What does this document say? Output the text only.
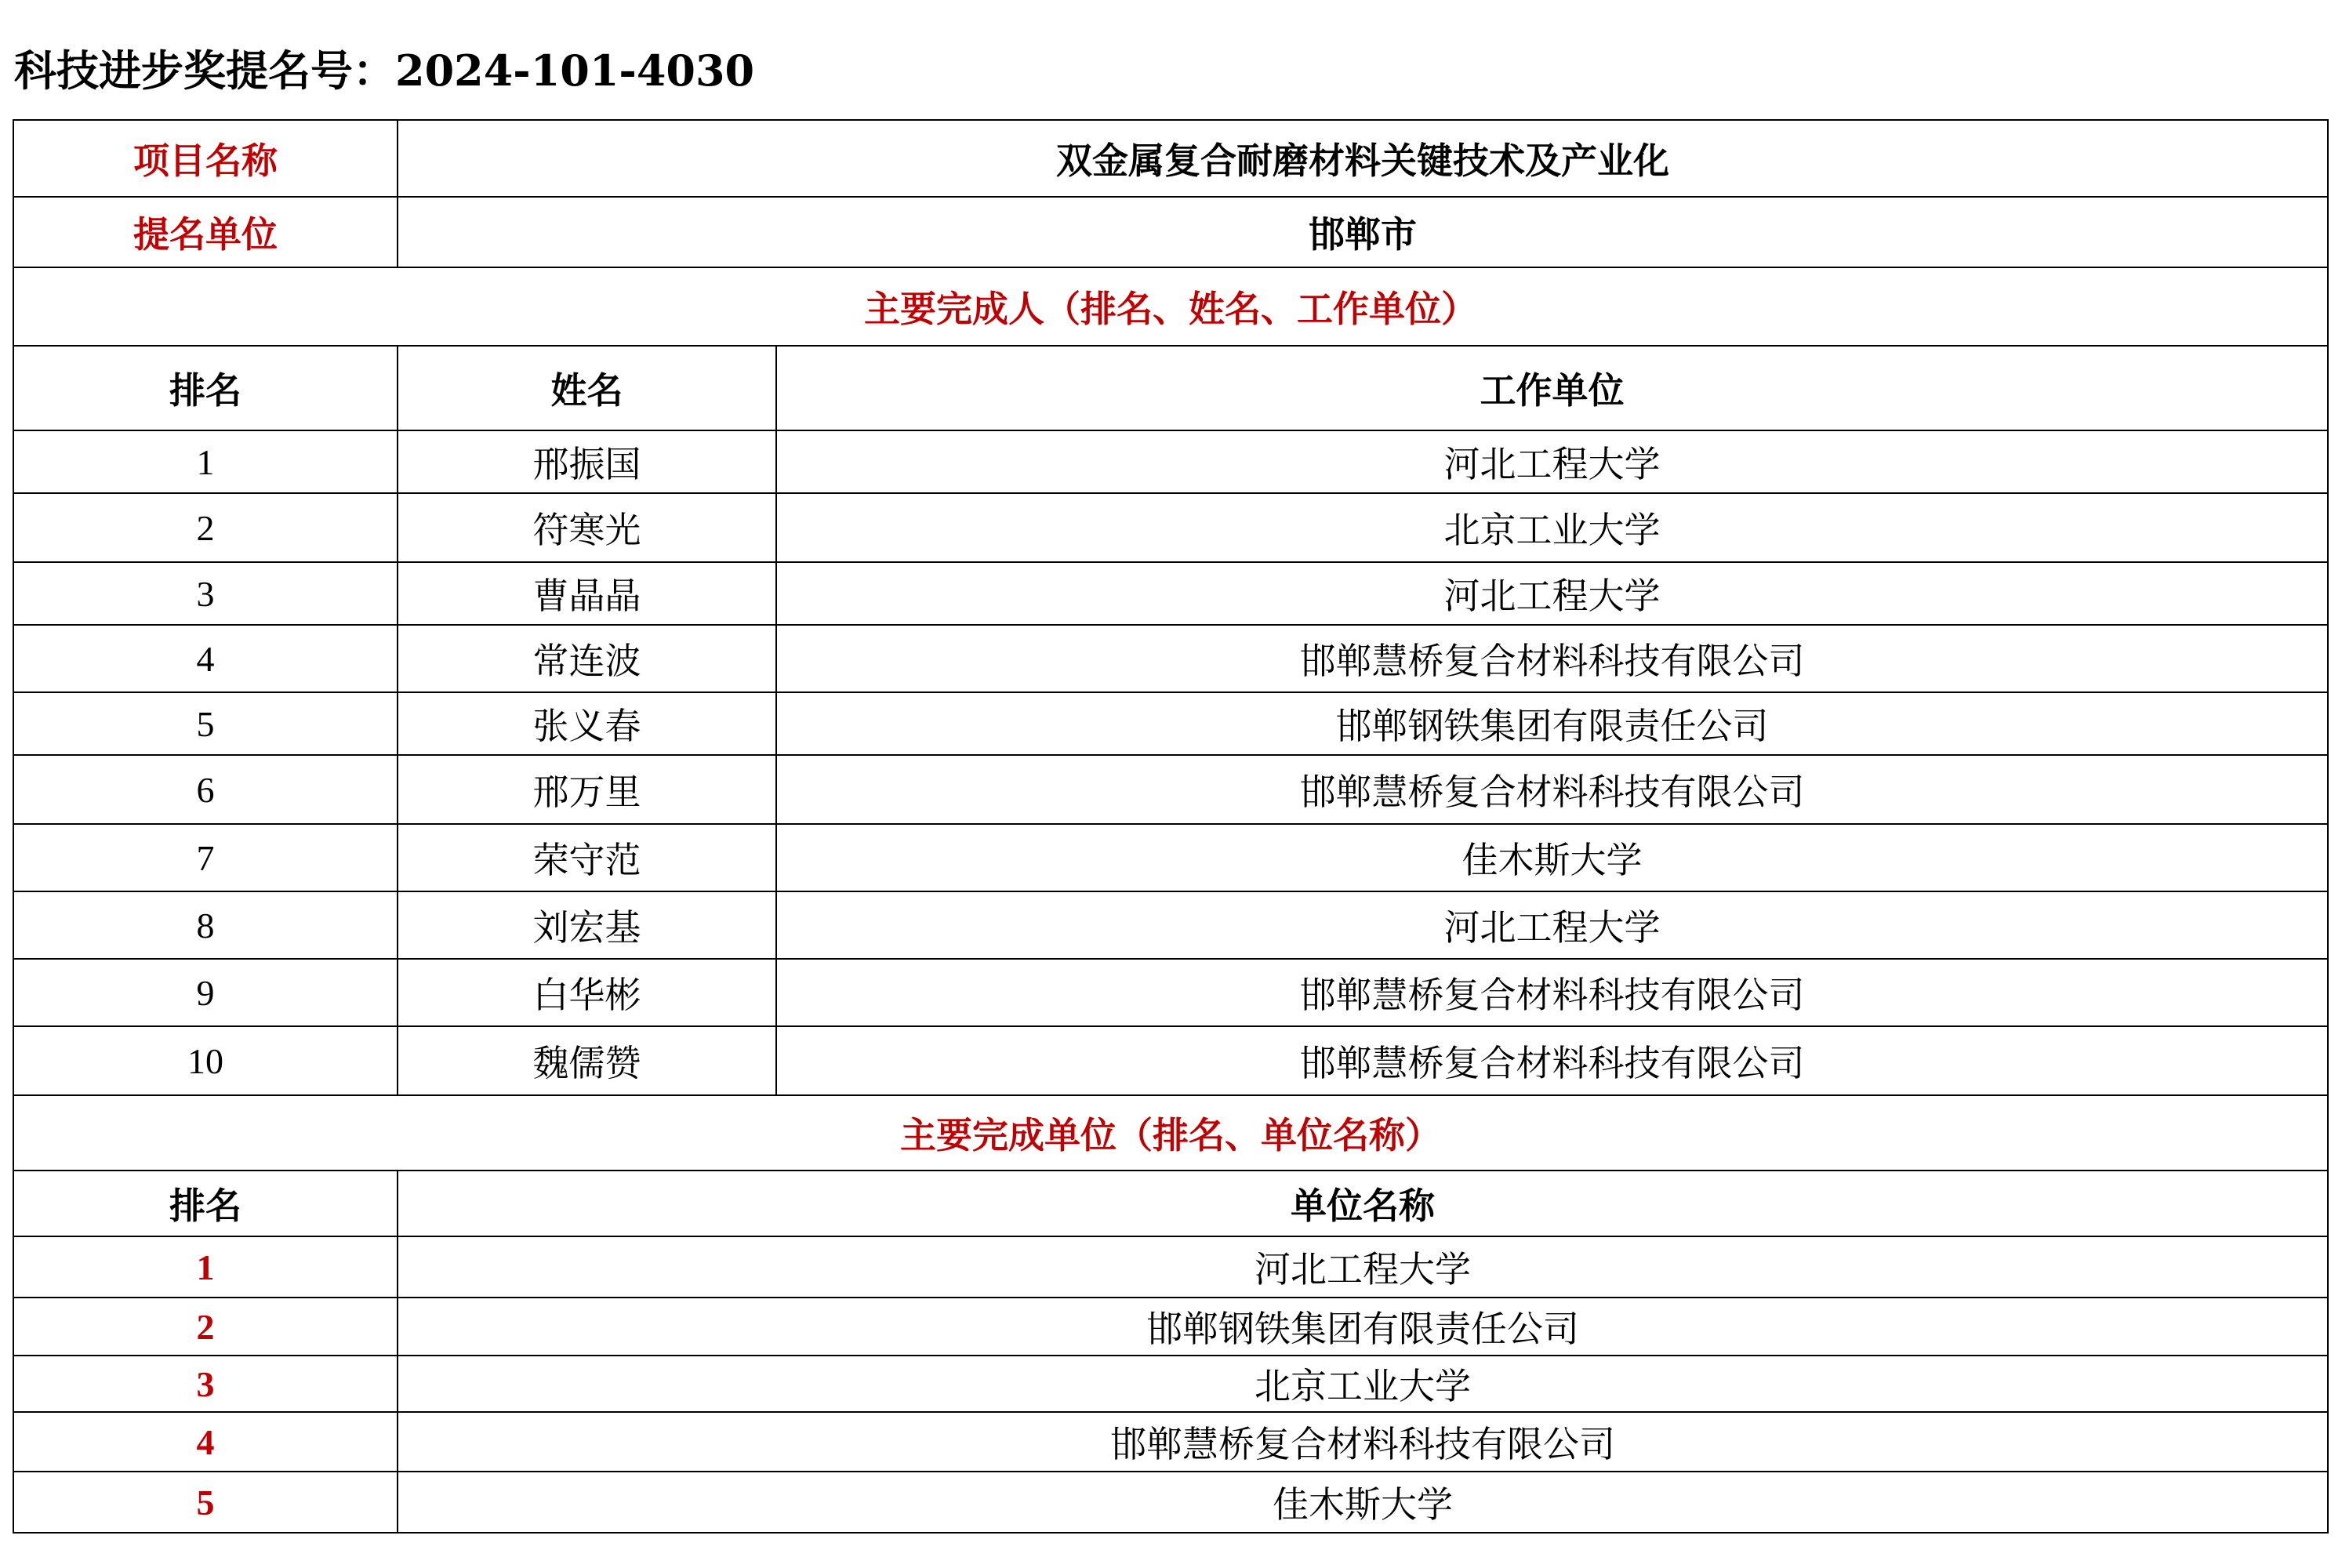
科技进步奖提名号：2024-101-4030
项目名称	双金属复合耐磨材料关键技术及产业化	
提名单位	邯郸市	
主要完成人（排名、姓名、工作单位）		
排名	姓名	工作单位
1	邢振国	河北工程大学
2	符寒光	北京工业大学
3	曹晶晶	河北工程大学
4	常连波	邯郸慧桥复合材料科技有限公司
5	张义春	邯郸钢铁集团有限责任公司
6	邢万里	邯郸慧桥复合材料科技有限公司
7	荣守范	佳木斯大学
8	刘宏基	河北工程大学
9	白华彬	邯郸慧桥复合材料科技有限公司
10	魏儒赞	邯郸慧桥复合材料科技有限公司
主要完成单位（排名、单位名称）		
排名	单位名称	
1	河北工程大学	
2	邯郸钢铁集团有限责任公司	
3	北京工业大学	
4	邯郸慧桥复合材料科技有限公司	
5	佳木斯大学	
